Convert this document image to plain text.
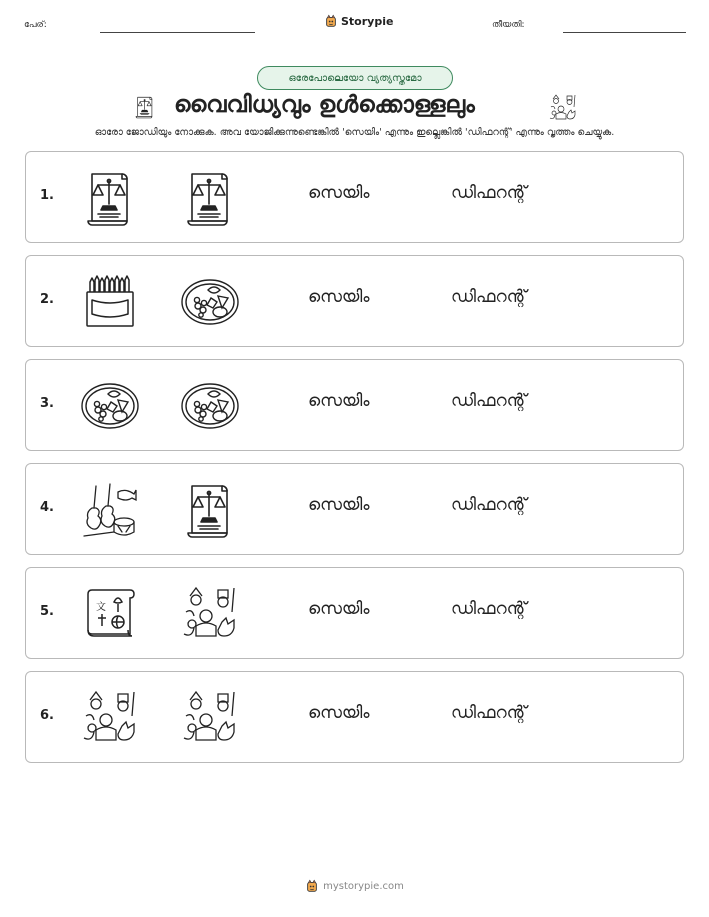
പേര്:	Storypie	തീയതി:
ഒരേപോലെയോ വ്യത്യസ്തമോ
വൈവിധ്യവും ഉൾക്കൊള്ളലും
ഓരോ ജോഡിയും നോക്കുക. അവ യോജിക്കുന്നുണ്ടെങ്കിൽ 'സെയിം' എന്നും ഇല്ലെങ്കിൽ 'ഡിഫറന്റ്' എന്നും വൃത്തം ചെയ്യുക.
1.	സെയിം	ഡിഫറന്റ്
2.	സെയിം	ഡിഫറന്റ്
3.	സെയിം	ഡിഫറന്റ്
4.	സെയിം	ഡിഫറന്റ്
5.	സെയിം	ഡിഫറന്റ്
6.	സെയിം	ഡിഫറന്റ്
mystorypie.com
